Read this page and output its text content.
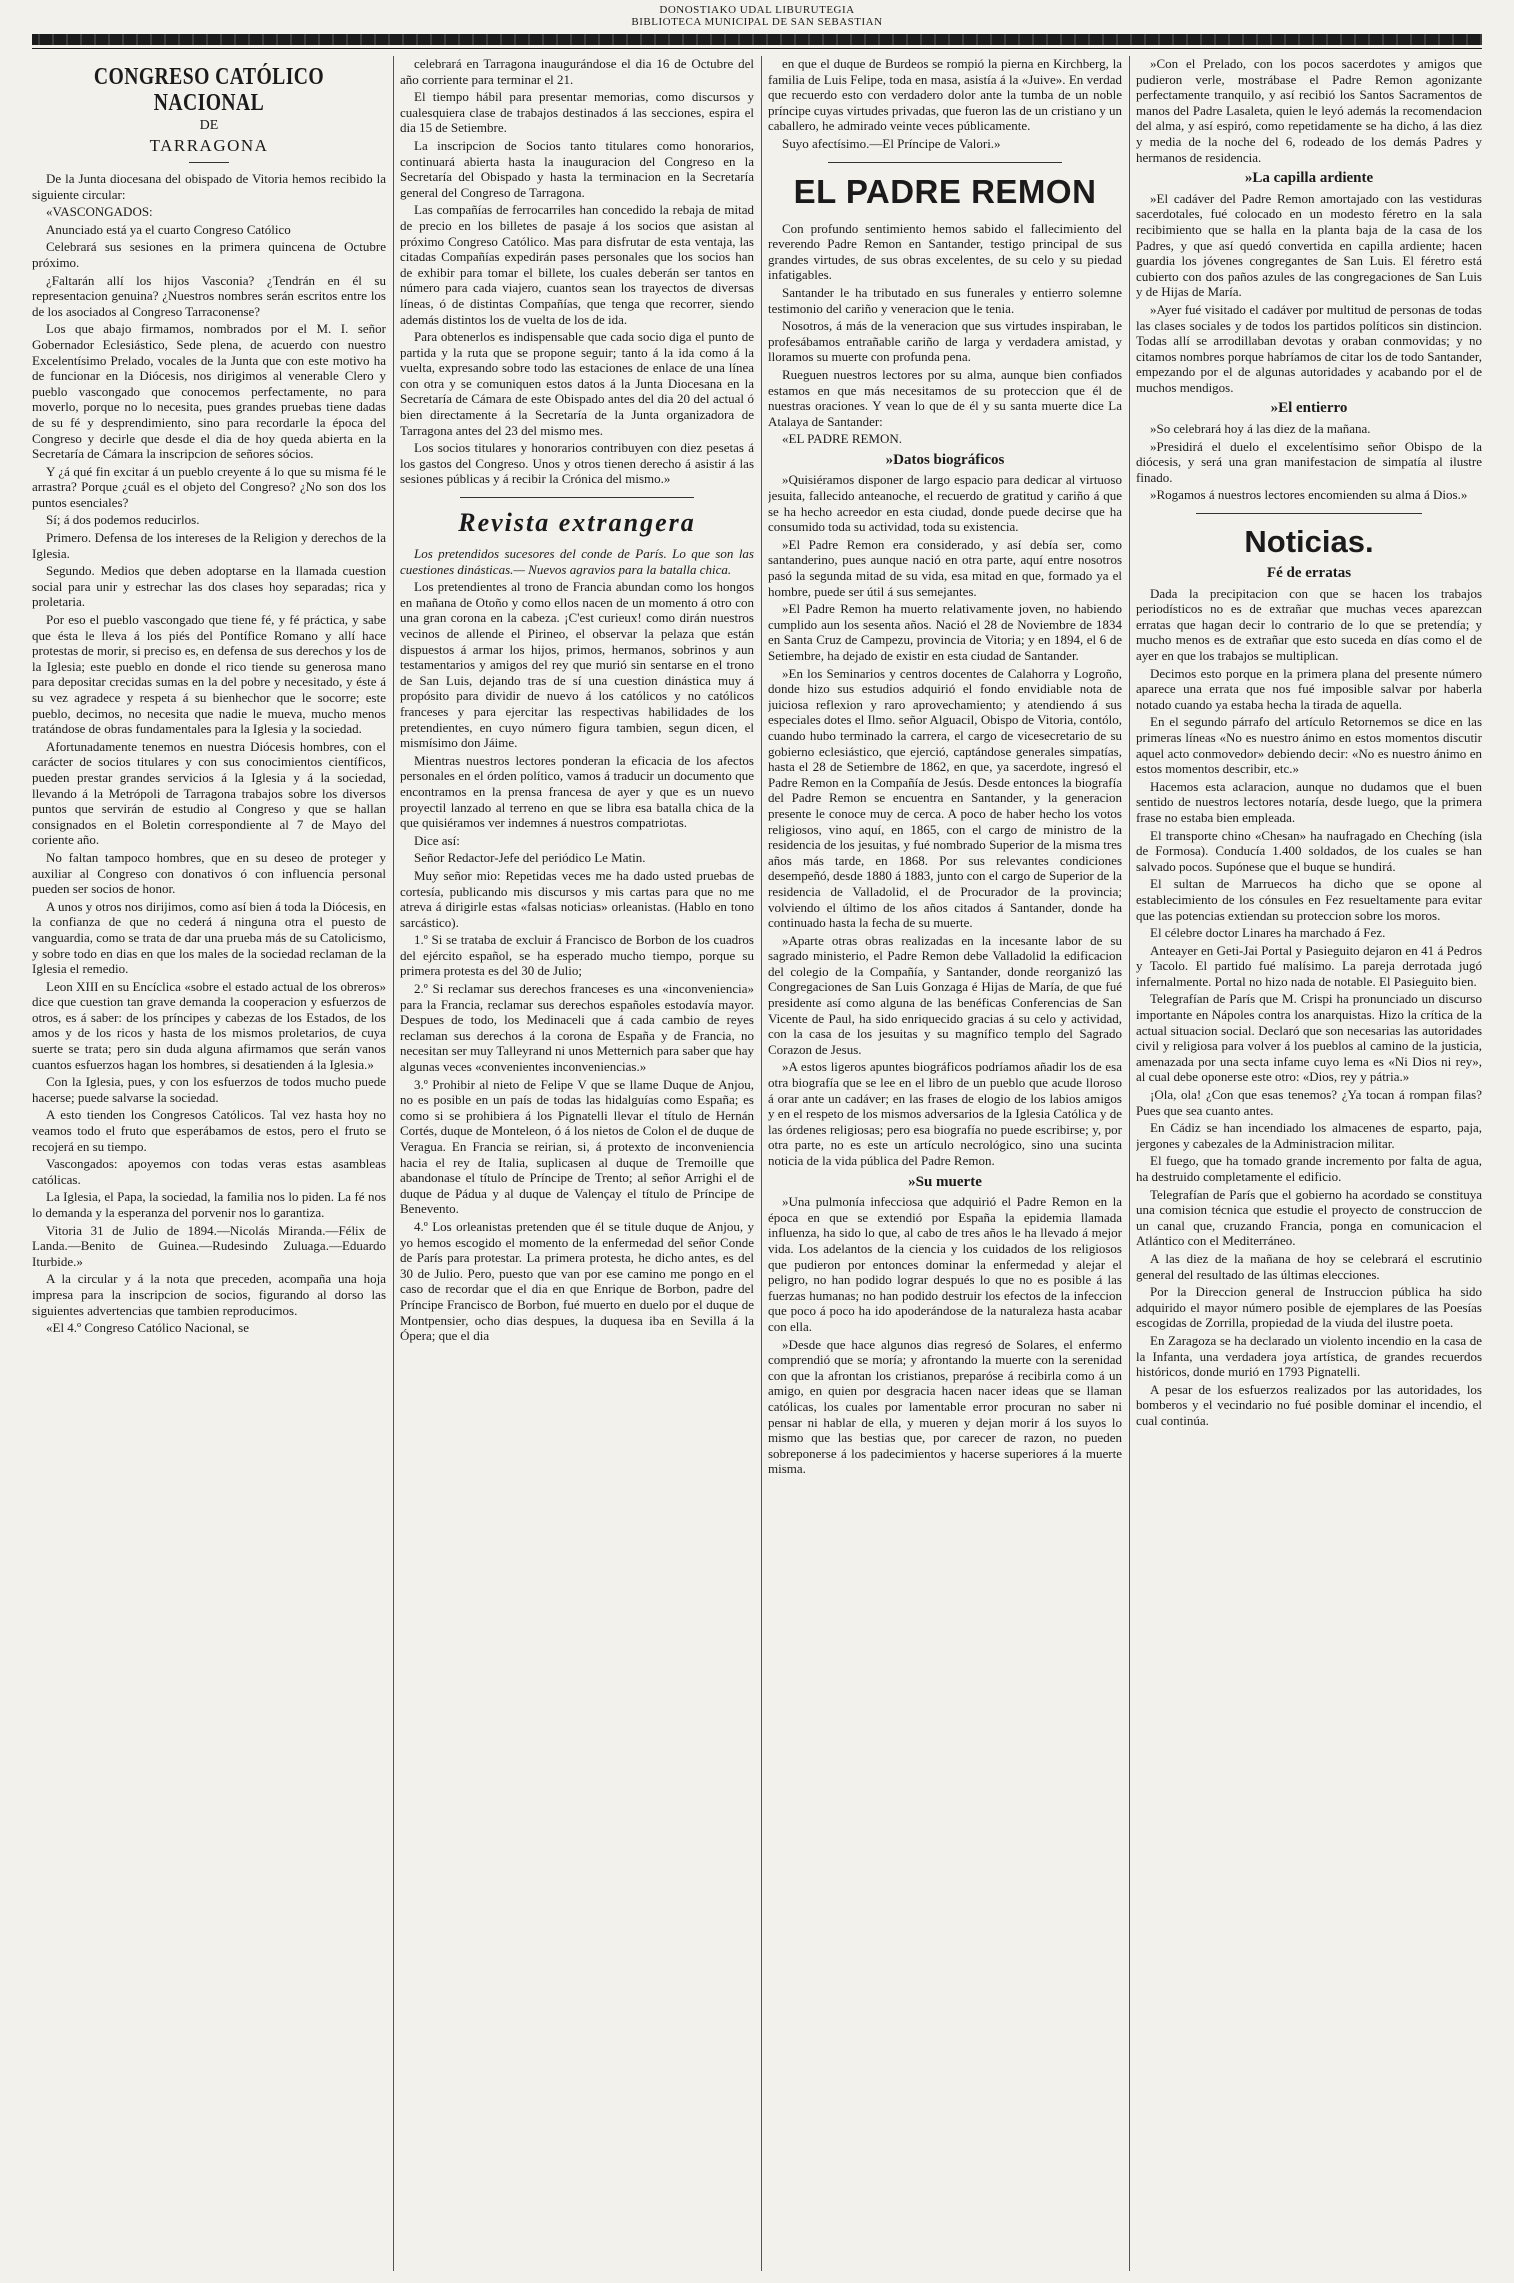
DONOSTIAKO UDAL LIBURUTEGIA
BIBLIOTECA MUNICIPAL DE SAN SEBASTIAN
CONGRESO CATÓLICO NACIONAL
DE
TARRAGONA

De la Junta diocesana del obispado de Vitoria hemos recibido la siguiente circular:

«VASCONGADOS:

Anunciado está ya el cuarto Congreso Católico

Celebrará sus sesiones en la primera quincena de Octubre próximo.

¿Faltarán allí los hijos Vasconia? ¿Tendrán en él su representacion genuina? ¿Nuestros nombres serán escritos entre los de los asociados al Congreso Tarraconense?

Los que abajo firmamos, nombrados por el M. I. señor Gobernador Eclesiástico, Sede plena, de acuerdo con nuestro Excelentísimo Prelado, vocales de la Junta que con este motivo ha de funcionar en la Diócesis, nos dirigimos al venerable Clero y pueblo vascongado que conocemos perfectamente, no para moverlo, porque no lo necesita, pues grandes pruebas tiene dadas de su fé y desprendimiento, sino para recordarle la época del Congreso y decirle que desde el dia de hoy queda abierta en la Secretaría de Cámara la inscripcion de señores sócios.

Y ¿á qué fin excitar á un pueblo creyente á lo que su misma fé le arrastra? Porque ¿cuál es el objeto del Congreso? ¿No son dos los puntos esenciales?

Sí; á dos podemos reducirlos.

Primero. Defensa de los intereses de la Religion y derechos de la Iglesia.

Segundo. Medios que deben adoptarse en la llamada cuestion social para unir y estrechar las dos clases hoy separadas; rica y proletaria.

Por eso el pueblo vascongado que tiene fé, y fé práctica, y sabe que ésta le lleva á los piés del Pontífice Romano y allí hace protestas de morir, si preciso es, en defensa de sus derechos y los de la Iglesia; este pueblo en donde el rico tiende su generosa mano para depositar crecidas sumas en la del pobre y necesitado, y éste á su vez agradece y respeta á su bienhechor que le socorre; este pueblo, decimos, no necesita que nadie le mueva, mucho menos tratándose de obras fundamentales para la Iglesia y la sociedad.

Afortunadamente tenemos en nuestra Diócesis hombres, con el carácter de socios titulares y con sus conocimientos científicos, pueden prestar grandes servicios á la Iglesia y á la sociedad, llevando á la Metrópoli de Tarragona trabajos sobre los diversos puntos que servirán de estudio al Congreso y que se hallan consignados en el Boletin correspondiente al 7 de Mayo del coriente año.

No faltan tampoco hombres, que en su deseo de proteger y auxiliar al Congreso con donativos ó con influencia personal pueden ser socios de honor.

A unos y otros nos dirijimos, como así bien á toda la Diócesis, en la confianza de que no cederá á ninguna otra el puesto de vanguardia, como se trata de dar una prueba más de su Catolicismo, y sobre todo en dias en que los males de la sociedad reclaman de la Iglesia el remedio.

Leon XIII en su Encíclica «sobre el estado actual de los obreros» dice que cuestion tan grave demanda la cooperacion y esfuerzos de otros, es á saber: de los príncipes y cabezas de los Estados, de los amos y de los ricos y hasta de los mismos proletarios, de cuya suerte se trata; pero sin duda alguna afirmamos que serán vanos cuantos esfuerzos hagan los hombres, si desatienden á la Iglesia.»

Con la Iglesia, pues, y con los esfuerzos de todos mucho puede hacerse; puede salvarse la sociedad.

A esto tienden los Congresos Católicos. Tal vez hasta hoy no veamos todo el fruto que esperábamos de estos, pero el fruto se recojerá en su tiempo.

Vascongados: apoyemos con todas veras estas asambleas católicas.

La Iglesia, el Papa, la sociedad, la familia nos lo piden. La fé nos lo demanda y la esperanza del porvenir nos lo garantiza.

Vitoria 31 de Julio de 1894.—Nicolás Miranda.—Félix de Landa.—Benito de Guinea.—Rudesindo Zuluaga.—Eduardo Iturbide.»

A la circular y á la nota que preceden, acompaña una hoja impresa para la inscripcion de socios, figurando al dorso las siguientes advertencias que tambien reproducimos.

«El 4.º Congreso Católico Nacional, se

celebrará en Tarragona inaugurándose el dia 16 de Octubre del año corriente para terminar el 21.

El tiempo hábil para presentar memorias, como discursos y cualesquiera clase de trabajos destinados á las secciones, espira el dia 15 de Setiembre.

La inscripcion de Socios tanto titulares como honorarios, continuará abierta hasta la inauguracion del Congreso en la Secretaría del Obispado y hasta la terminacion en la Secretaría general del Congreso de Tarragona.

Las compañías de ferrocarriles han concedido la rebaja de mitad de precio en los billetes de pasaje á los socios que asistan al próximo Congreso Católico. Mas para disfrutar de esta ventaja, las citadas Compañías expedirán pases personales que los socios han de exhibir para tomar el billete, los cuales deberán ser tantos en número para cada viajero, cuantos sean los trayectos de diversas líneas, ó de distintas Compañías, que tenga que recorrer, siendo además distintos los de vuelta de los de ida.

Para obtenerlos es indispensable que cada socio diga el punto de partida y la ruta que se propone seguir; tanto á la ida como á la vuelta, expresando sobre todo las estaciones de enlace de una línea con otra y se comuniquen estos datos á la Junta Diocesana en la Secretaría de Cámara de este Obispado antes del dia 20 del actual ó bien directamente á la Secretaría de la Junta organizadora de Tarragona antes del 23 del mismo mes.

Los socios titulares y honorarios contribuyen con diez pesetas á los gastos del Congreso. Unos y otros tienen derecho á asistir á las sesiones públicas y á recibir la Crónica del mismo.»

Revista extrangera

Los pretendidos sucesores del conde de París. Lo que son las cuestiones dinásticas.— Nuevos agravios para la batalla chica.

Los pretendientes al trono de Francia abundan como los hongos en mañana de Otoño y como ellos nacen de un momento á otro con una gran corona en la cabeza. ¡C'est curieux! como dirán nuestros vecinos de allende el Pirineo, el observar la pelaza que están dispuestos á armar los hijos, primos, hermanos, sobrinos y aun testamentarios y amigos del rey que murió sin sentarse en el trono de San Luis, dejando tras de sí una cuestion dinástica muy á propósito para dividir de nuevo á los católicos y no católicos franceses y para ejercitar las respectivas habilidades de los pretendientes, en cuyo número figura tambien, segun dicen, el mismísimo don Jáime.

Mientras nuestros lectores ponderan la eficacia de los afectos personales en el órden político, vamos á traducir un documento que encontramos en la prensa francesa de ayer y que es un nuevo proyectil lanzado al terreno en que se libra esa batalla chica de la que quisiéramos ver indemnes á nuestros compatriotas.

Dice así:

Señor Redactor-Jefe del periódico Le Matin.

Muy señor mio: Repetidas veces me ha dado usted pruebas de cortesía, publicando mis discursos y mis cartas para que no me atreva á dirigirle estas «falsas noticias» orleanistas. (Hablo en tono sarcástico).

1.º Si se trataba de excluir á Francisco de Borbon de los cuadros del ejército español, se ha esperado mucho tiempo, porque su primera protesta es del 30 de Julio;

2.º Si reclamar sus derechos franceses es una «inconveniencia» para la Francia, reclamar sus derechos españoles estodavía mayor. Despues de todo, los Medinaceli que á cada cambio de reyes reclaman sus derechos á la corona de España y de Francia, no necesitan ser muy Talleyrand ni unos Metternich para saber que hay algunas veces «convenientes inconveniencias.»

3.º Prohibir al nieto de Felipe V que se llame Duque de Anjou, no es posible en un país de todas las hidalguías como España; es como si se prohibiera á los Pignatelli llevar el título de Hernán Cortés, duque de Monteleon, ó á los nietos de Colon el de duque de Veragua. En Francia se reirian, si, á protexto de inconveniencia hacia el rey de Italia, suplicasen al duque de Tremoille que abandonase el título de Príncipe de Trento; al señor Arrighi el de duque de Pádua y al duque de Valençay el título de Príncipe de Benevento.

4.º Los orleanistas pretenden que él se titule duque de Anjou, y yo hemos escogido el momento de la enfermedad del señor Conde de París para protestar. La primera protesta, he dicho antes, es del 30 de Julio. Pero, puesto que van por ese camino me pongo en el caso de recordar que el dia en que Enrique de Borbon, padre del Príncipe Francisco de Borbon, fué muerto en duelo por el duque de Montpensier, ocho dias despues, la duquesa iba en Sevilla á la Ópera; que el dia

en que el duque de Burdeos se rompió la pierna en Kirchberg, la familia de Luis Felipe, toda en masa, asistía á la «Juive». En verdad que recuerdo esto con verdadero dolor ante la tumba de un noble príncipe cuyas virtudes privadas, que fueron las de un cristiano y un caballero, he admirado veinte veces públicamente.

Suyo afectísimo.—El Príncipe de Valori.»

EL PADRE REMON

Con profundo sentimiento hemos sabido el fallecimiento del reverendo Padre Remon en Santander, testigo principal de sus grandes virtudes, de sus obras excelentes, de su celo y su piedad infatigables.

Santander le ha tributado en sus funerales y entierro solemne testimonio del cariño y veneracion que le tenia.

Nosotros, á más de la veneracion que sus virtudes inspiraban, le profesábamos entrañable cariño de larga y verdadera amistad, y lloramos su muerte con profunda pena.

Rueguen nuestros lectores por su alma, aunque bien confiados estamos en que más necesitamos de su proteccion que él de nuestras oraciones. Y vean lo que de él y su santa muerte dice La Atalaya de Santander:

«EL PADRE REMON.

»Datos biográficos

»Quisiéramos disponer de largo espacio para dedicar al virtuoso jesuita, fallecido anteanoche, el recuerdo de gratitud y cariño á que se ha hecho acreedor en esta ciudad, donde puede decirse que ha consumido toda su actividad, toda su existencia.

»El Padre Remon era considerado, y así debía ser, como santanderino, pues aunque nació en otra parte, aquí entre nosotros pasó la segunda mitad de su vida, esa mitad en que, formado ya el hombre, puede ser útil á sus semejantes.

»El Padre Remon ha muerto relativamente joven, no habiendo cumplido aun los sesenta años. Nació el 28 de Noviembre de 1834 en Santa Cruz de Campezu, provincia de Vitoria; y en 1894, el 6 de Setiembre, ha dejado de existir en esta ciudad de Santander.

»En los Seminarios y centros docentes de Calahorra y Logroño, donde hizo sus estudios adquirió el fondo envidiable nota de juiciosa reflexion y raro aprovechamiento; y atendiendo á sus especiales dotes el Ilmo. señor Alguacil, Obispo de Vitoria, contólo, cuando hubo terminado la carrera, el cargo de vicesecretario de su gobierno eclesiástico, que ejerció, captándose generales simpatías, hasta el 28 de Setiembre de 1862, en que, ya sacerdote, ingresó el Padre Remon en la Compañía de Jesús. Desde entonces la biografía del Padre Remon se encuentra en Santander, y la generacion presente le conoce muy de cerca. A poco de haber hecho los votos religiosos, vino aquí, en 1865, con el cargo de ministro de la residencia de los jesuitas, y fué nombrado Superior de la misma tres años más tarde, en 1868. Por sus relevantes condiciones desempeñó, desde 1880 á 1883, junto con el cargo de Superior de la residencia de Valladolid, el de Procurador de la provincia; volviendo el último de los años citados á Santander, donde ha continuado hasta la fecha de su muerte.

»Aparte otras obras realizadas en la incesante labor de su sagrado ministerio, el Padre Remon debe Valladolid la edificacion del colegio de la Compañía, y Santander, donde reorganizó las Congregaciones de San Luis Gonzaga é Hijas de María, de que fué presidente así como alguna de las benéficas Conferencias de San Vicente de Paul, ha sido enriquecido gracias á su celo y actividad, con la casa de los jesuitas y su magnífico templo del Sagrado Corazon de Jesus.

»A estos ligeros apuntes biográficos podríamos añadir los de esa otra biografía que se lee en el libro de un pueblo que acude lloroso á orar ante un cadáver; en las frases de elogio de los labios amigos y en el respeto de los mismos adversarios de la Iglesia Católica y de las órdenes religiosas; pero esa biografía no puede escribirse; y, por otra parte, no es este un artículo necrológico, sino una sucinta noticia de la vida pública del Padre Remon.

»Su muerte

»Una pulmonía infecciosa que adquirió el Padre Remon en la época en que se extendió por España la epidemia llamada influenza, ha sido lo que, al cabo de tres años le ha llevado á mejor vida. Los adelantos de la ciencia y los cuidados de los religiosos que pudieron por entonces dominar la enfermedad y alejar el peligro, no han podido lograr después lo que no es posible á las fuerzas humanas; no han podido destruir los efectos de la infeccion que poco á poco ha ido apoderándose de la naturaleza hasta acabar con ella.

»Desde que hace algunos dias regresó de Solares, el enfermo comprendió que se moría; y afrontando la muerte con la serenidad con que la afrontan los cristianos, preparóse á recibirla como á un amigo, en quien por desgracia hacen nacer ideas que se llaman católicas, los cuales por lamentable error procuran no saber ni pensar ni hablar de ella, y mueren y dejan morir á los suyos lo mismo que las bestias que, por carecer de razon, no pueden sobreponerse á los padecimientos y hacerse superiores á la muerte misma.

»Con el Prelado, con los pocos sacerdotes y amigos que pudieron verle, mostrábase el Padre Remon agonizante perfectamente tranquilo, y así recibió los Santos Sacramentos de manos del Padre Lasaleta, quien le leyó además la recomendacion del alma, y así espiró, como repetidamente se ha dicho, á las diez y media de la noche del 6, rodeado de los demás Padres y hermanos de residencia.

»La capilla ardiente

»El cadáver del Padre Remon amortajado con las vestiduras sacerdotales, fué colocado en un modesto féretro en la sala recibimiento que se halla en la planta baja de la casa de los Padres, y que así quedó convertida en capilla ardiente; hacen guardia los jóvenes congregantes de San Luis. El féretro está cubierto con dos paños azules de las congregaciones de San Luis y de Hijas de María.

»Ayer fué visitado el cadáver por multitud de personas de todas las clases sociales y de todos los partidos políticos sin distincion. Todas allí se arrodillaban devotas y oraban conmovidas; y no citamos nombres porque habríamos de citar los de todo Santander, empezando por el de algunas autoridades y acabando por el de muchos mendigos.

»El entierro

»So celebrará hoy á las diez de la mañana.

»Presidirá el duelo el excelentísimo señor Obispo de la diócesis, y será una gran manifestacion de simpatía al ilustre finado.

»Rogamos á nuestros lectores encomienden su alma á Dios.»

Noticias.
Fé de erratas

Dada la precipitacion con que se hacen los trabajos periodísticos no es de extrañar que muchas veces aparezcan erratas que hagan decir lo contrario de lo que se pretendía; y mucho menos es de extrañar que esto suceda en días como el de ayer en que los trabajos se multiplican.

Decimos esto porque en la primera plana del presente número aparece una errata que nos fué imposible salvar por haberla notado cuando ya estaba hecha la tirada de aquella.

En el segundo párrafo del artículo Retornemos se dice en las primeras líneas «No es nuestro ánimo en estos momentos discutir aquel acto conmovedor» debiendo decir: «No es nuestro ánimo en estos momentos describir, etc.»

Hacemos esta aclaracion, aunque no dudamos que el buen sentido de nuestros lectores notaría, desde luego, que la primera frase no estaba bien empleada.

El transporte chino «Chesan» ha naufragado en Chechíng (isla de Formosa). Conducía 1.400 soldados, de los cuales se han salvado pocos. Supónese que el buque se hundirá.

El sultan de Marruecos ha dicho que se opone al establecimiento de los cónsules en Fez resueltamente para evitar que las potencias extiendan su proteccion sobre los moros.

El célebre doctor Linares ha marchado á Fez.

Anteayer en Geti-Jai Portal y Pasieguito dejaron en 41 á Pedros y Tacolo. El partido fué malísimo. La pareja derrotada jugó infernalmente. Portal no hizo nada de notable. El Pasieguito bien.

Telegrafían de París que M. Crispi ha pronunciado un discurso importante en Nápoles contra los anarquistas. Hizo la crítica de la actual situacion social. Declaró que son necesarias las autoridades civil y religiosa para volver á los pueblos al camino de la justicia, amenazada por una secta infame cuyo lema es «Ni Dios ni rey», al cual debe oponerse este otro: «Dios, rey y pátria.»

¡Ola, ola! ¿Con que esas tenemos? ¿Ya tocan á rompan filas? Pues que sea cuanto antes.

En Cádiz se han incendiado los almacenes de esparto, paja, jergones y cabezales de la Administracion militar.

El fuego, que ha tomado grande incremento por falta de agua, ha destruido completamente el edificio.

Telegrafían de París que el gobierno ha acordado se constituya una comision técnica que estudie el proyecto de construccion de un canal que, cruzando Francia, ponga en comunicacion el Atlántico con el Mediterráneo.

A las diez de la mañana de hoy se celebrará el escrutinio general del resultado de las últimas elecciones.

Por la Direccion general de Instruccion pública ha sido adquirido el mayor número posible de ejemplares de las Poesías escogidas de Zorrilla, propiedad de la viuda del ilustre poeta.

En Zaragoza se ha declarado un violento incendio en la casa de la Infanta, una verdadera joya artística, de grandes recuerdos históricos, donde murió en 1793 Pignatelli.

A pesar de los esfuerzos realizados por las autoridades, los bomberos y el vecindario no fué posible dominar el incendio, el cual continúa.
